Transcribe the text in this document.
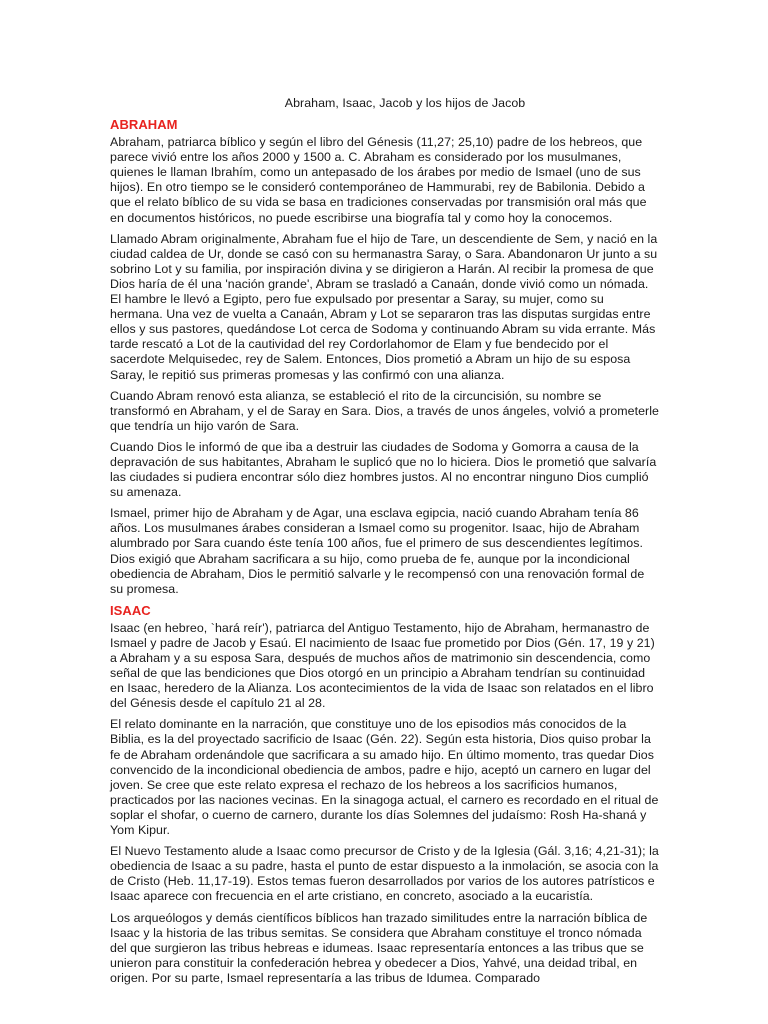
Abraham, Isaac, Jacob y los hijos de Jacob
ABRAHAM

Abraham, patriarca bíblico y según el libro del Génesis (11,27; 25,10) padre de los hebreos, que parece vivió entre los años 2000 y 1500 a. C. Abraham es considerado por los musulmanes, quienes le llaman Ibrahím, como un antepasado de los árabes por medio de Ismael (uno de sus hijos). En otro tiempo se le consideró contemporáneo de Hammurabi, rey de Babilonia. Debido a que el relato bíblico de su vida se basa en tradiciones conservadas por transmisión oral más que en documentos históricos, no puede escribirse una biografía tal y como hoy la conocemos.

Llamado Abram originalmente, Abraham fue el hijo de Tare, un descendiente de Sem, y nació en la ciudad caldea de Ur, donde se casó con su hermanastra Saray, o Sara. Abandonaron Ur junto a su sobrino Lot y su familia, por inspiración divina y se dirigieron a Harán. Al recibir la promesa de que Dios haría de él una 'nación grande', Abram se trasladó a Canaán, donde vivió como un nómada. El hambre le llevó a Egipto, pero fue expulsado por presentar a Saray, su mujer, como su hermana. Una vez de vuelta a Canaán, Abram y Lot se separaron tras las disputas surgidas entre ellos y sus pastores, quedándose Lot cerca de Sodoma y continuando Abram su vida errante. Más tarde rescató a Lot de la cautividad del rey Cordorlahomor de Elam y fue bendecido por el sacerdote Melquisedec, rey de Salem. Entonces, Dios prometió a Abram un hijo de su esposa Saray, le repitió sus primeras promesas y las confirmó con una alianza.

Cuando Abram renovó esta alianza, se estableció el rito de la circuncisión, su nombre se transformó en Abraham, y el de Saray en Sara. Dios, a través de unos ángeles, volvió a prometerle que tendría un hijo varón de Sara.

Cuando Dios le informó de que iba a destruir las ciudades de Sodoma y Gomorra a causa de la depravación de sus habitantes, Abraham le suplicó que no lo hiciera. Dios le prometió que salvaría las ciudades si pudiera encontrar sólo diez hombres justos. Al no encontrar ninguno Dios cumplió su amenaza.

Ismael, primer hijo de Abraham y de Agar, una esclava egipcia, nació cuando Abraham tenía 86 años. Los musulmanes árabes consideran a Ismael como su progenitor. Isaac, hijo de Abraham alumbrado por Sara cuando éste tenía 100 años, fue el primero de sus descendientes legítimos. Dios exigió que Abraham sacrificara a su hijo, como prueba de fe, aunque por la incondicional obediencia de Abraham, Dios le permitió salvarle y le recompensó con una renovación formal de su promesa.

ISAAC

Isaac (en hebreo, `hará reír'), patriarca del Antiguo Testamento, hijo de Abraham, hermanastro de Ismael y padre de Jacob y Esaú. El nacimiento de Isaac fue prometido por Dios (Gén. 17, 19 y 21) a Abraham y a su esposa Sara, después de muchos años de matrimonio sin descendencia, como señal de que las bendiciones que Dios otorgó en un principio a Abraham tendrían su continuidad en Isaac, heredero de la Alianza. Los acontecimientos de la vida de Isaac son relatados en el libro del Génesis desde el capítulo 21 al 28.

El relato dominante en la narración, que constituye uno de los episodios más conocidos de la Biblia, es la del proyectado sacrificio de Isaac (Gén. 22). Según esta historia, Dios quiso probar la fe de Abraham ordenándole que sacrificara a su amado hijo. En último momento, tras quedar Dios convencido de la incondicional obediencia de ambos, padre e hijo, aceptó un carnero en lugar del joven. Se cree que este relato expresa el rechazo de los hebreos a los sacrificios humanos, practicados por las naciones vecinas. En la sinagoga actual, el carnero es recordado en el ritual de soplar el shofar, o cuerno de carnero, durante los días Solemnes del judaísmo: Rosh Ha-shaná y Yom Kipur.

El Nuevo Testamento alude a Isaac como precursor de Cristo y de la Iglesia (Gál. 3,16; 4,21-31); la obediencia de Isaac a su padre, hasta el punto de estar dispuesto a la inmolación, se asocia con la de Cristo (Heb. 11,17-19). Estos temas fueron desarrollados por varios de los autores patrísticos e Isaac aparece con frecuencia en el arte cristiano, en concreto, asociado a la eucaristía.

Los arqueólogos y demás científicos bíblicos han trazado similitudes entre la narración bíblica de Isaac y la historia de las tribus semitas. Se considera que Abraham constituye el tronco nómada del que surgieron las tribus hebreas e idumeas. Isaac representaría entonces a las tribus que se unieron para constituir la confederación hebrea y obedecer a Dios, Yahvé, una deidad tribal, en origen. Por su parte, Ismael representaría a las tribus de Idumea. Comparado
